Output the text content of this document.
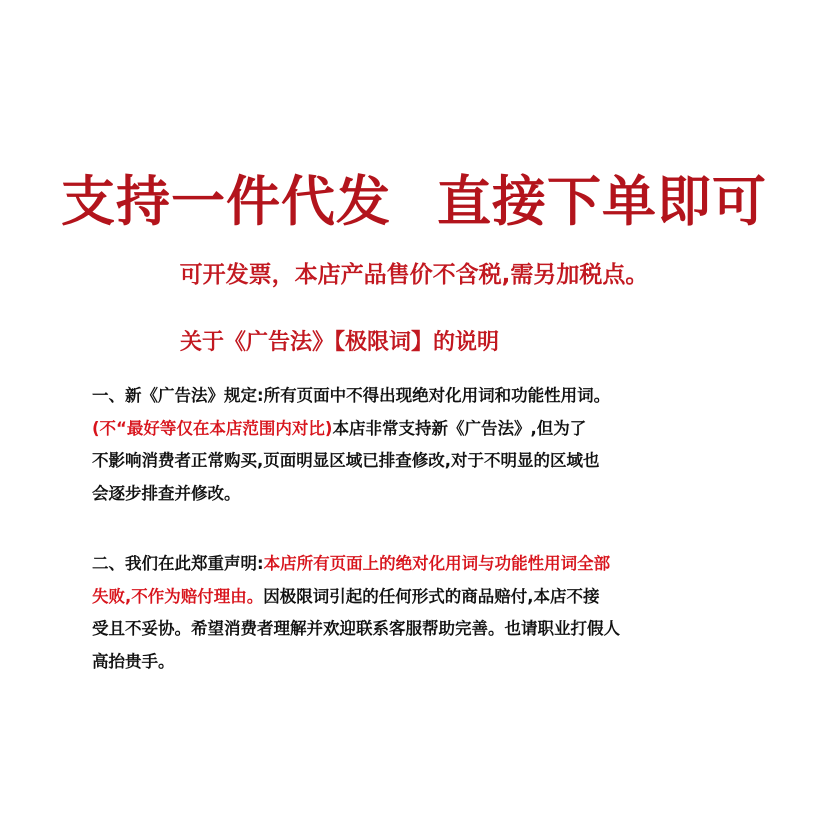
支持一件代发 直接下单即可
可开发票，本店产品售价不含税,需另加税点。
关于《广告法》【极限词】的说明
一、新《广告法》规定:所有页面中不得出现绝对化用词和功能性用词。
(不“最好等仅在本店范围内对比)本店非常支持新《广告法》,但为了
不影响消费者正常购买,页面明显区域已排查修改,对于不明显的区域也
会逐步排查并修改。
二、我们在此郑重声明:本店所有页面上的绝对化用词与功能性用词全部
失败,不作为赔付理由。因极限词引起的任何形式的商品赔付,本店不接
受且不妥协。希望消费者理解并欢迎联系客服帮助完善。也请职业打假人
高抬贵手。
